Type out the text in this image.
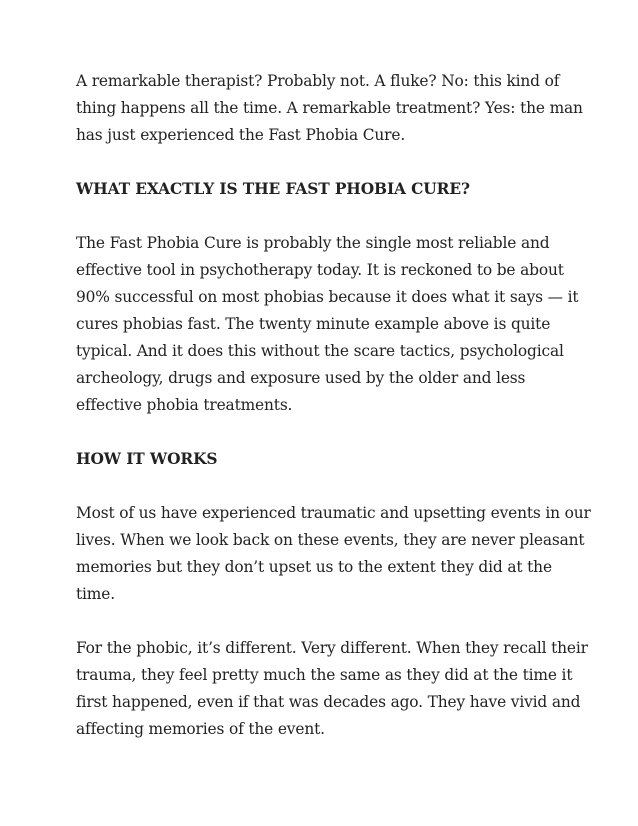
A remarkable therapist? Probably not. A fluke? No: this kind of
thing happens all the time. A remarkable treatment? Yes: the man
has just experienced the Fast Phobia Cure.

WHAT EXACTLY IS THE FAST PHOBIA CURE?

The Fast Phobia Cure is probably the single most reliable and
effective tool in psychotherapy today. It is reckoned to be about
90% successful on most phobias because it does what it says — it
cures phobias fast. The twenty minute example above is quite
typical. And it does this without the scare tactics, psychological
archeology, drugs and exposure used by the older and less
effective phobia treatments.

HOW IT WORKS

Most of us have experienced traumatic and upsetting events in our
lives. When we look back on these events, they are never pleasant
memories but they don’t upset us to the extent they did at the
time.

For the phobic, it’s different. Very different. When they recall their
trauma, they feel pretty much the same as they did at the time it
first happened, even if that was decades ago. They have vivid and
affecting memories of the event.
